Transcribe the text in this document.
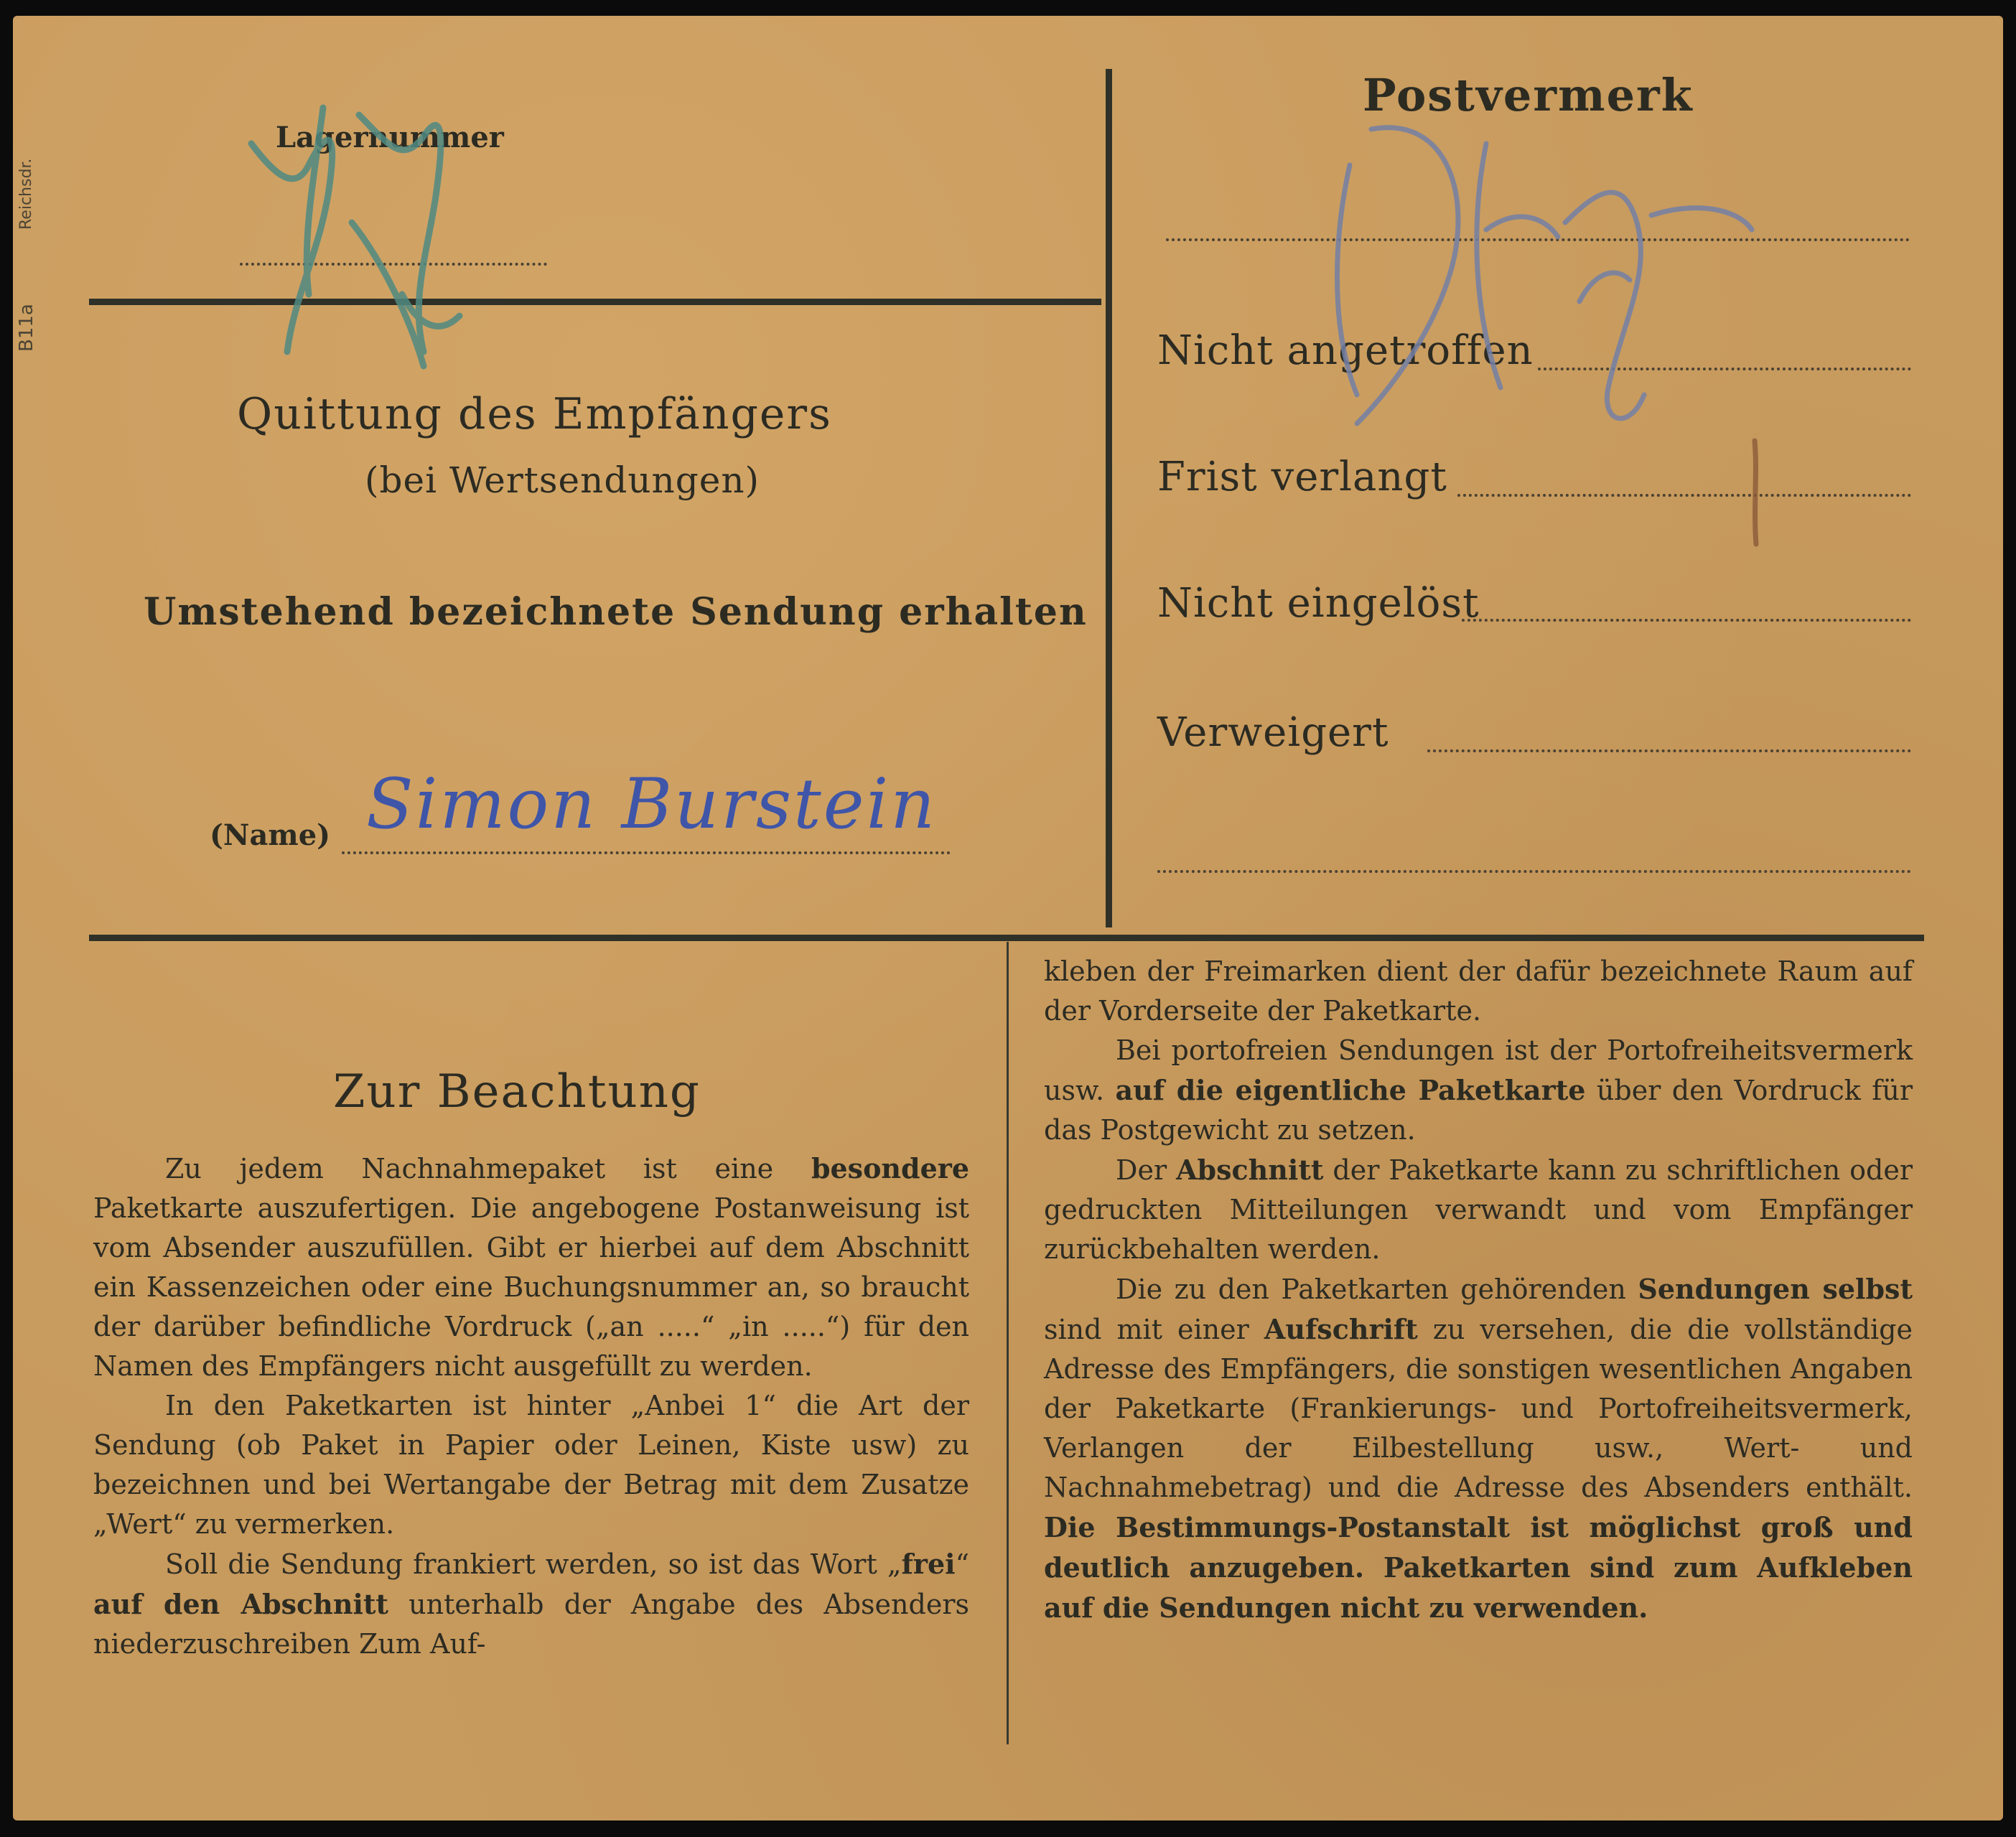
B11a
Reichsdr.
Lagernummer
Quittung des Empfängers
(bei Wertsendungen)
Umstehend bezeichnete Sendung erhalten
(Name) Simon Burstein
Postvermerk
Nicht angetroffen
Frist verlangt
Nicht eingelöst
Verweigert
Zur Beachtung

Zu jedem Nachnahmepaket ist eine besondere Paketkarte auszufertigen. Die angebogene Postanweisung ist vom Absender auszufüllen. Gibt er hierbei auf dem Abschnitt ein Kassenzeichen oder eine Buchungsnummer an, so braucht der darüber befindliche Vordruck („an .....“ „in .....“) für den Namen des Empfängers nicht ausgefüllt zu werden.

In den Paketkarten ist hinter „Anbei 1“ die Art der Sendung (ob Paket in Papier oder Leinen, Kiste usw) zu bezeichnen und bei Wertangabe der Betrag mit dem Zusatze „Wert“ zu vermerken.

Soll die Sendung frankiert werden, so ist das Wort „frei“ auf den Abschnitt unterhalb der Angabe des Absenders niederzuschreiben Zum Auf-

kleben der Freimarken dient der dafür bezeichnete Raum auf der Vorderseite der Paketkarte.

Bei portofreien Sendungen ist der Portofreiheitsvermerk usw. auf die eigentliche Paketkarte über den Vordruck für das Postgewicht zu setzen.

Der Abschnitt der Paketkarte kann zu schriftlichen oder gedruckten Mitteilungen verwandt und vom Empfänger zurückbehalten werden.

Die zu den Paketkarten gehörenden Sendungen selbst sind mit einer Aufschrift zu versehen, die die vollständige Adresse des Empfängers, die sonstigen wesentlichen Angaben der Paketkarte (Frankierungs- und Portofreiheitsvermerk, Verlangen der Eilbestellung usw., Wert- und Nachnahmebetrag) und die Adresse des Absenders enthält. Die Bestimmungs-Postanstalt ist möglichst groß und deutlich anzugeben. Paketkarten sind zum Aufkleben auf die Sendungen nicht zu verwenden.
